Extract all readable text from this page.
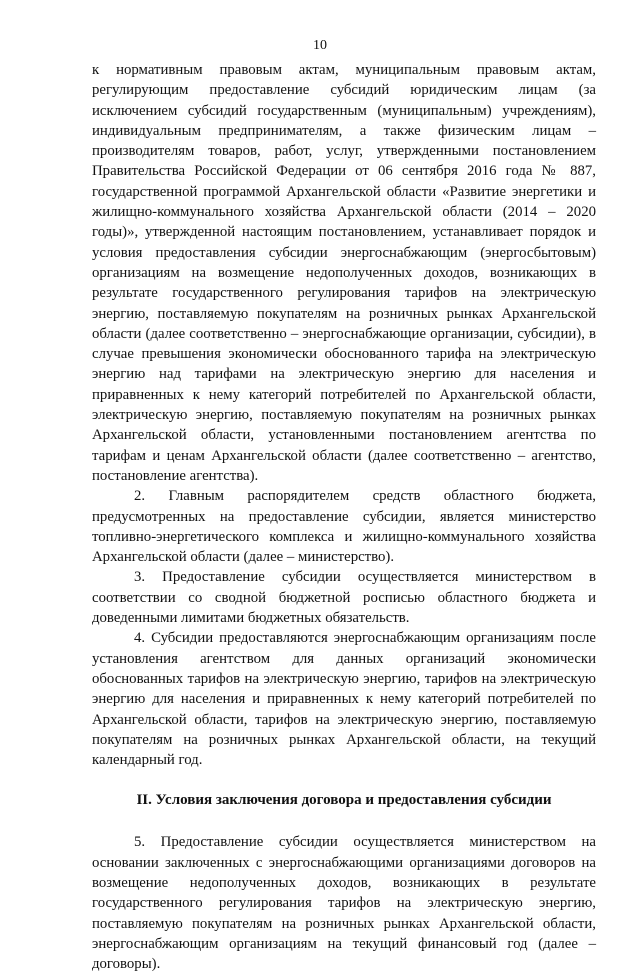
10

к нормативным правовым актам, муниципальным правовым актам, регулирующим предоставление субсидий юридическим лицам (за исключением субсидий государственным (муниципальным) учреждениям), индивидуальным предпринимателям, а также физическим лицам – производителям товаров, работ, услуг, утвержденными постановлением Правительства Российской Федерации от 06 сентября 2016 года № 887, государственной программой Архангельской области «Развитие энергетики и жилищно-коммунального хозяйства Архангельской области (2014 – 2020 годы)», утвержденной настоящим постановлением, устанавливает порядок и условия предоставления субсидии энергоснабжающим (энергосбытовым) организациям на возмещение недополученных доходов, возникающих в результате государственного регулирования тарифов на электрическую энергию, поставляемую покупателям на розничных рынках Архангельской области (далее соответственно – энергоснабжающие организации, субсидии), в случае превышения экономически обоснованного тарифа на электрическую энергию над тарифами на электрическую энергию для населения и приравненных к нему категорий потребителей по Архангельской области, электрическую энергию, поставляемую покупателям на розничных рынках Архангельской области, установленными постановлением агентства по тарифам и ценам Архангельской области (далее соответственно – агентство, постановление агентства).

2. Главным распорядителем средств областного бюджета, предусмотренных на предоставление субсидии, является министерство топливно-энергетического комплекса и жилищно-коммунального хозяйства Архангельской области (далее – министерство).

3. Предоставление субсидии осуществляется министерством в соответствии со сводной бюджетной росписью областного бюджета и доведенными лимитами бюджетных обязательств.

4. Субсидии предоставляются энергоснабжающим организациям после установления агентством для данных организаций экономически обоснованных тарифов на электрическую энергию, тарифов на электрическую энергию для населения и приравненных к нему категорий потребителей по Архангельской области, тарифов на электрическую энергию, поставляемую покупателям на розничных рынках Архангельской области, на текущий календарный год.

II. Условия заключения договора и предоставления субсидии

5. Предоставление субсидии осуществляется министерством на основании заключенных с энергоснабжающими организациями договоров на возмещение недополученных доходов, возникающих в результате государственного регулирования тарифов на электрическую энергию, поставляемую покупателям на розничных рынках Архангельской области, энергоснабжающим организациям на текущий финансовый год (далее – договоры).
